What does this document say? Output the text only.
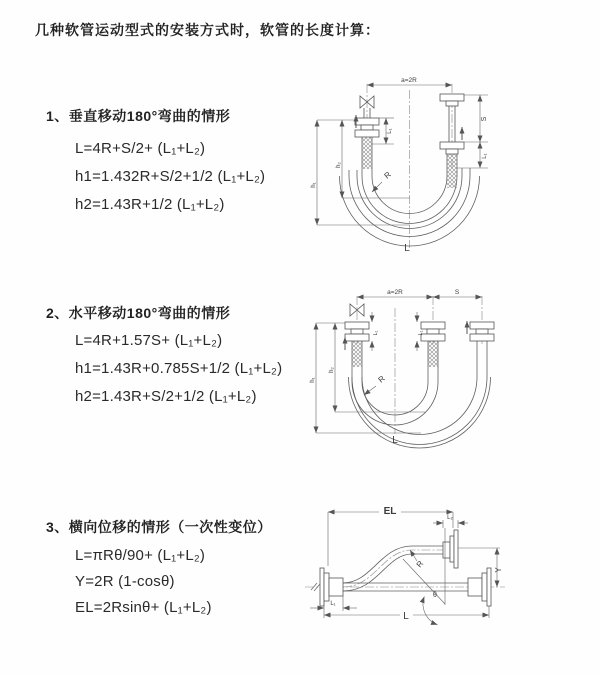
几种软管运动型式的安装方式时，软管的长度计算：
1、垂直移动180°弯曲的情形
L=4R+S/2+ (L₁+L₂)
h1=1.432R+S/2+1/2 (L₁+L₂)
h2=1.43R+1/2 (L₁+L₂)
a=2R
h₁
h₂
L₁
S
L₁
R
L
2、水平移动180°弯曲的情形
L=4R+1.57S+ (L₁+L₂)
h1=1.43R+0.785S+1/2 (L₁+L₂)
h2=1.43R+S/2+1/2 (L₁+L₂)
a=2R	S
h₁
h₂
L₁	L₁
R
L
3、横向位移的情形（一次性变位）
L=πRθ/90+ (L₁+L₂)
Y=2R (1-cosθ)
EL=2Rsinθ+ (L₁+L₂)
EL
L₂
Y
R
θ
L₁
L
